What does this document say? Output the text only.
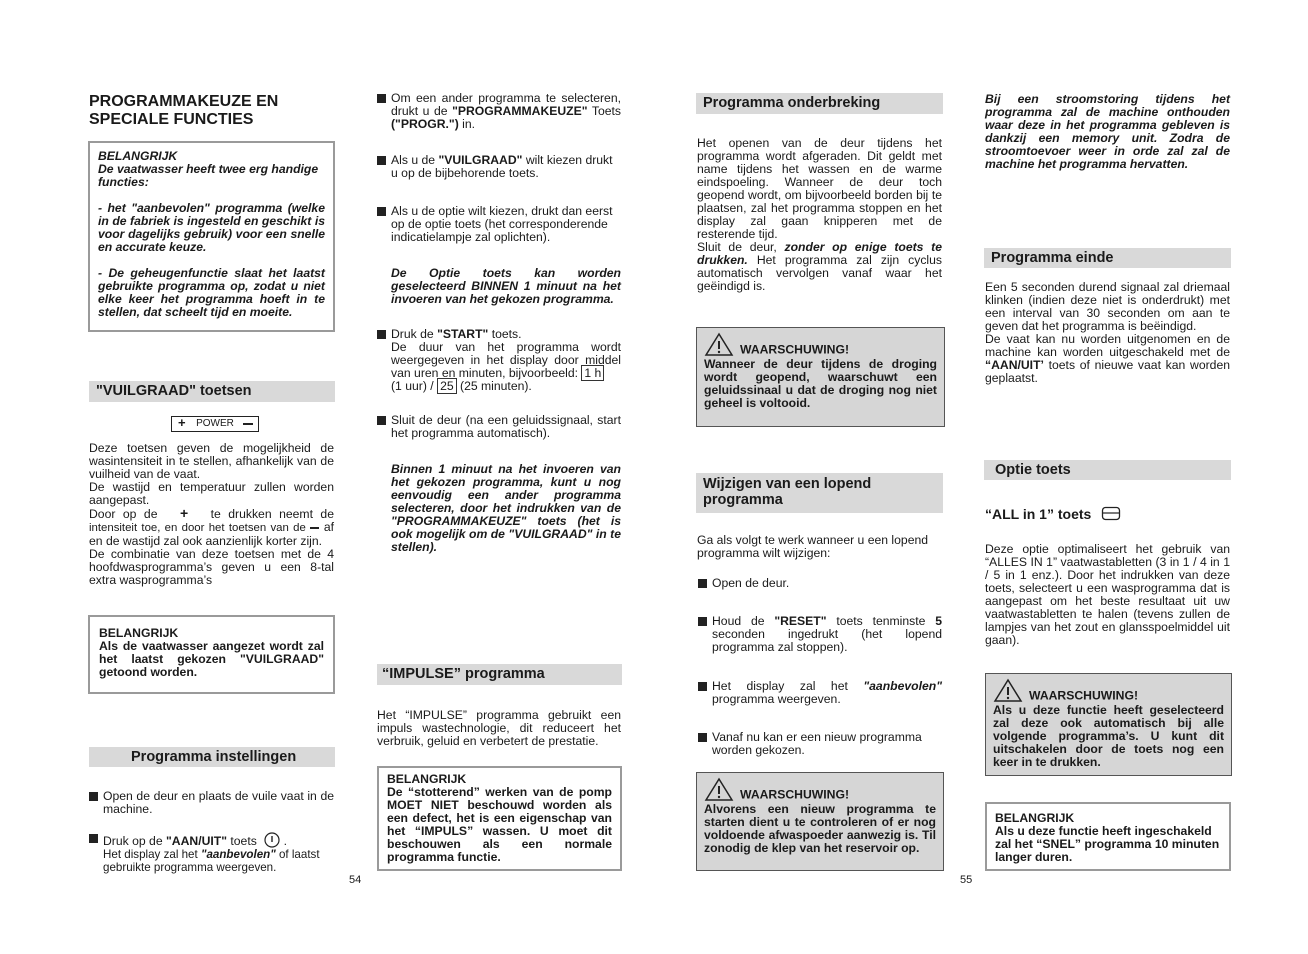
PROGRAMMAKEUZE EN
SPECIALE FUNCTIES
BELANGRIJK
De vaatwasser heeft twee erg handige functies:
- het "aanbevolen" programma (welke in de fabriek is ingesteld en geschikt is voor dagelijks gebruik) voor een snelle en accurate keuze.
- De geheugenfunctie slaat het laatst gebruikte programma op, zodat u niet elke keer het programma hoeft in te stellen, dat scheelt tijd en moeite.
"VUILGRAAD" toetsen
+ POWER
Deze toetsen geven de mogelijkheid de wasintensiteit in te stellen, afhankelijk van de vuilheid van de vaat.
De wastijd en temperatuur zullen worden aangepast.
Door op de + te drukken neemt de intensiteit toe, en door het toetsen van de af en de wastijd zal ook aanzienlijk korter zijn.
De combinatie van deze toetsen met de 4 hoofdwasprogramma’s geven u een 8-tal extra wasprogramma’s
BELANGRIJK
Als de vaatwasser aangezet wordt zal het laatst gekozen "VUILGRAAD" getoond worden.
Programma instellingen
Open de deur en plaats de vuile vaat in de machine.
Druk op de "AAN/UIT" toets  .
Het display zal het "aanbevolen" of laatst gebruikte programma weergeven.
54
Om een ander programma te selecteren, drukt u de "PROGRAMMAKEUZE" Toets ("PROGR.") in.
Als u de "VUILGRAAD" wilt kiezen drukt u op de bijbehorende toets.
Als u de optie wilt kiezen, drukt dan eerst op de optie toets (het corresponderende indicatielampje zal oplichten).
De Optie toets kan worden geselecteerd BINNEN 1 minuut na het invoeren van het gekozen programma.
Druk de "START" toets.
De duur van het programma wordt weergegeven in het display door middel van uren en minuten, bijvoorbeeld: 1 h
(1 uur) / 25 (25 minuten).
Sluit de deur (na een geluidssignaal, start het programma automatisch).
Binnen 1 minuut na het invoeren van het gekozen programma, kunt u nog eenvoudig een ander programma selecteren, door het indrukken van de "PROGRAMMAKEUZE" toets (het is ook mogelijk om de "VUILGRAAD" in te stellen).
“IMPULSE” programma
Het “IMPULSE” programma gebruikt een impuls wastechnologie, dit reduceert het verbruik, geluid en verbetert de prestatie.
BELANGRIJK
De “stotterend” werken van de pomp MOET NIET beschouwd worden als een defect, het is een eigenschap van het “IMPULS” wassen. U moet dit beschouwen als een normale programma functie.
Programma onderbreking
Het openen van de deur tijdens het programma wordt afgeraden. Dit geldt met name tijdens het wassen en de warme eindspoeling. Wanneer de deur toch geopend wordt, om bijvoorbeeld borden bij te plaatsen, zal het programma stoppen en het display zal gaan knipperen met de resterende tijd.
Sluit de deur, zonder op enige toets te drukken. Het programma zal zijn cyclus automatisch vervolgen vanaf waar het geëindigd is.
WAARSCHUWING!
Wanneer de deur tijdens de droging wordt geopend, waarschuwt een geluidssinaal u dat de droging nog niet geheel is voltooid.
Wijzigen van een lopend programma
Ga als volgt te werk wanneer u een lopend programma wilt wijzigen:
Open de deur.
Houd de "RESET" toets tenminste 5 seconden ingedrukt (het lopend programma zal stoppen).
Het display zal het "aanbevolen" programma weergeven.
Vanaf nu kan er een nieuw programma worden gekozen.
WAARSCHUWING!
Alvorens een nieuw programma te starten dient u te controleren of er nog voldoende afwaspoeder aanwezig is. Til zonodig de klep van het reservoir op.
Bij een stroomstoring tijdens het programma zal de machine onthouden waar deze in het programma gebleven is dankzij een memory unit. Zodra de stroomtoevoer weer in orde zal zal de machine het programma hervatten.
Programma einde
Een 5 seconden durend signaal zal driemaal klinken (indien deze niet is onderdrukt) met een interval van 30 seconden om aan te geven dat het programma is beëindigd.
De vaat kan nu worden uitgenomen en de machine kan worden uitgeschakeld met de “AAN/UIT’ toets of nieuwe vaat kan worden geplaatst.
Optie toets
“ALL in 1” toets
Deze optie optimaliseert het gebruik van “ALLES IN 1” vaatwastabletten (3 in 1 / 4 in 1 / 5 in 1 enz.). Door het indrukken van deze toets, selecteert u een wasprogramma dat is aangepast om het beste resultaat uit uw vaatwastabletten te halen (tevens zullen de lampjes van het zout en glansspoelmiddel uit gaan).
WAARSCHUWING!
Als u deze functie heeft geselecteerd zal deze ook automatisch bij alle volgende programma’s. U kunt dit uitschakelen door de toets nog een keer in te drukken.
BELANGRIJK
Als u deze functie heeft ingeschakeld zal het “SNEL” programma 10 minuten langer duren.
55
